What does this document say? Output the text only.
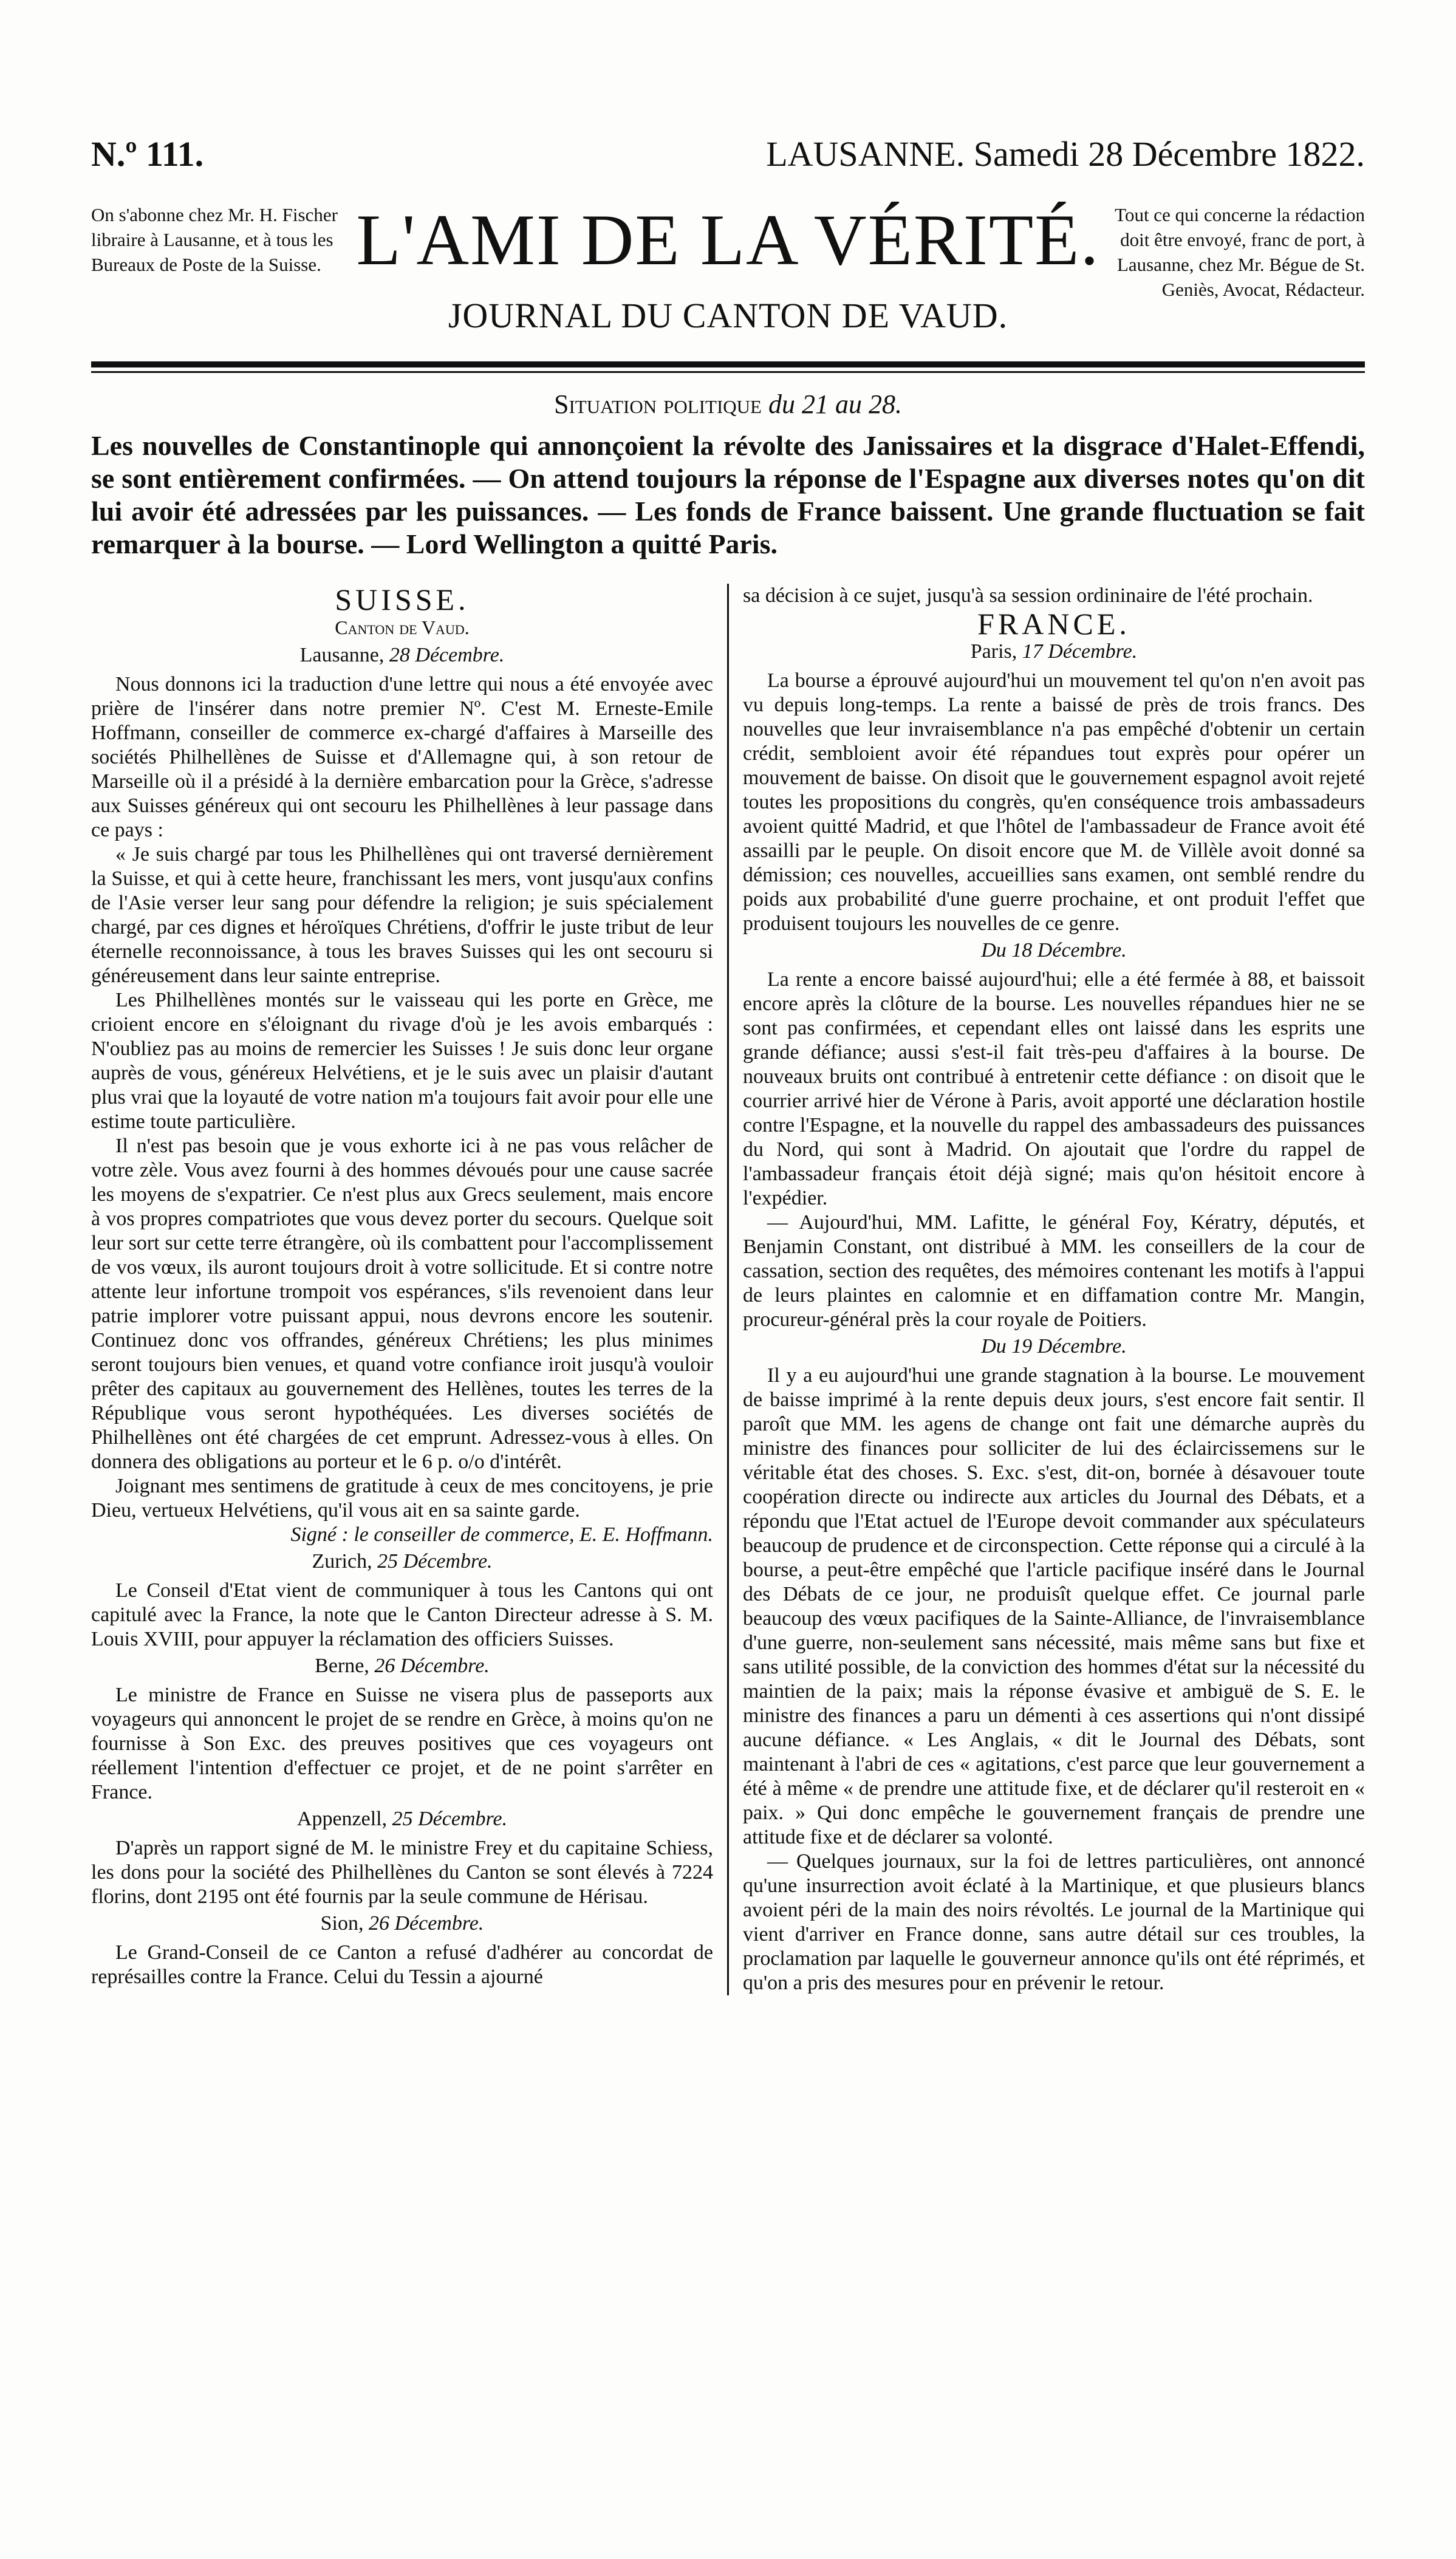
N.º 111.	LAUSANNE. Samedi 28 Décembre 1822.
On s'abonne chez Mr. H. Fischer libraire à Lausanne, et à tous les Bureaux de Poste de la Suisse. L'AMI DE LA VÉRITÉ.
JOURNAL DU CANTON DE VAUD.
Tout ce qui concerne la rédaction doit être envoyé, franc de port, à Lausanne, chez Mr. Bégue de St. Geniès, Avocat, Rédacteur.
Situation politique du 21 au 28.
Les nouvelles de Constantinople qui annonçoient la révolte des Janissaires et la disgrace d'Halet-Effendi, se sont entièrement confirmées. — On attend toujours la réponse de l'Espagne aux diverses notes qu'on dit lui avoir été adressées par les puissances. — Les fonds de France baissent. Une grande fluctuation se fait remarquer à la bourse. — Lord Wellington a quitté Paris.
SUISSE.
Canton de Vaud.
Lausanne, 28 Décembre.

Nous donnons ici la traduction d'une lettre qui nous a été envoyée avec prière de l'insérer dans notre premier Nº. C'est M. Erneste-Emile Hoffmann, conseiller de commerce ex-chargé d'affaires à Marseille des sociétés Philhellènes de Suisse et d'Allemagne qui, à son retour de Marseille où il a présidé à la dernière embarcation pour la Grèce, s'adresse aux Suisses généreux qui ont secouru les Philhellènes à leur passage dans ce pays :

« Je suis chargé par tous les Philhellènes qui ont traversé dernièrement la Suisse, et qui à cette heure, franchissant les mers, vont jusqu'aux confins de l'Asie verser leur sang pour défendre la religion; je suis spécialement chargé, par ces dignes et héroïques Chrétiens, d'offrir le juste tribut de leur éternelle reconnoissance, à tous les braves Suisses qui les ont secouru si généreusement dans leur sainte entreprise.

Les Philhellènes montés sur le vaisseau qui les porte en Grèce, me crioient encore en s'éloignant du rivage d'où je les avois embarqués : N'oubliez pas au moins de remercier les Suisses ! Je suis donc leur organe auprès de vous, généreux Helvétiens, et je le suis avec un plaisir d'autant plus vrai que la loyauté de votre nation m'a toujours fait avoir pour elle une estime toute particulière.

Il n'est pas besoin que je vous exhorte ici à ne pas vous relâcher de votre zèle. Vous avez fourni à des hommes dévoués pour une cause sacrée les moyens de s'expatrier. Ce n'est plus aux Grecs seulement, mais encore à vos propres compatriotes que vous devez porter du secours. Quelque soit leur sort sur cette terre étrangère, où ils combattent pour l'accomplissement de vos vœux, ils auront toujours droit à votre sollicitude. Et si contre notre attente leur infortune trompoit vos espérances, s'ils revenoient dans leur patrie implorer votre puissant appui, nous devrons encore les soutenir. Continuez donc vos offrandes, généreux Chrétiens; les plus minimes seront toujours bien venues, et quand votre confiance iroit jusqu'à vouloir prêter des capitaux au gouvernement des Hellènes, toutes les terres de la République vous seront hypothéquées. Les diverses sociétés de Philhellènes ont été chargées de cet emprunt. Adressez-vous à elles. On donnera des obligations au porteur et le 6 p. o/o d'intérêt.

Joignant mes sentimens de gratitude à ceux de mes concitoyens, je prie Dieu, vertueux Helvétiens, qu'il vous ait en sa sainte garde.

Signé : le conseiller de commerce, E. E. Hoffmann.

Zurich, 25 Décembre.

Le Conseil d'Etat vient de communiquer à tous les Cantons qui ont capitulé avec la France, la note que le Canton Directeur adresse à S. M. Louis XVIII, pour appuyer la réclamation des officiers Suisses.

Berne, 26 Décembre.

Le ministre de France en Suisse ne visera plus de passeports aux voyageurs qui annoncent le projet de se rendre en Grèce, à moins qu'on ne fournisse à Son Exc. des preuves positives que ces voyageurs ont réellement l'intention d'effectuer ce projet, et de ne point s'arrêter en France.

Appenzell, 25 Décembre.

D'après un rapport signé de M. le ministre Frey et du capitaine Schiess, les dons pour la société des Philhellènes du Canton se sont élevés à 7224 florins, dont 2195 ont été fournis par la seule commune de Hérisau.

Sion, 26 Décembre.

Le Grand-Conseil de ce Canton a refusé d'adhérer au concordat de représailles contre la France. Celui du Tessin a ajourné

sa décision à ce sujet, jusqu'à sa session ordininaire de l'été prochain.

FRANCE.
Paris, 17 Décembre.

La bourse a éprouvé aujourd'hui un mouvement tel qu'on n'en avoit pas vu depuis long-temps. La rente a baissé de près de trois francs. Des nouvelles que leur invraisemblance n'a pas empêché d'obtenir un certain crédit, sembloient avoir été répandues tout exprès pour opérer un mouvement de baisse. On disoit que le gouvernement espagnol avoit rejeté toutes les propositions du congrès, qu'en conséquence trois ambassadeurs avoient quitté Madrid, et que l'hôtel de l'ambassadeur de France avoit été assailli par le peuple. On disoit encore que M. de Villèle avoit donné sa démission; ces nouvelles, accueillies sans examen, ont semblé rendre du poids aux probabilité d'une guerre prochaine, et ont produit l'effet que produisent toujours les nouvelles de ce genre.

Du 18 Décembre.

La rente a encore baissé aujourd'hui; elle a été fermée à 88, et baissoit encore après la clôture de la bourse. Les nouvelles répandues hier ne se sont pas confirmées, et cependant elles ont laissé dans les esprits une grande défiance; aussi s'est-il fait très-peu d'affaires à la bourse. De nouveaux bruits ont contribué à entretenir cette défiance : on disoit que le courrier arrivé hier de Vérone à Paris, avoit apporté une déclaration hostile contre l'Espagne, et la nouvelle du rappel des ambassadeurs des puissances du Nord, qui sont à Madrid. On ajoutait que l'ordre du rappel de l'ambassadeur français étoit déjà signé; mais qu'on hésitoit encore à l'expédier.

— Aujourd'hui, MM. Lafitte, le général Foy, Kératry, députés, et Benjamin Constant, ont distribué à MM. les conseillers de la cour de cassation, section des requêtes, des mémoires contenant les motifs à l'appui de leurs plaintes en calomnie et en diffamation contre Mr. Mangin, procureur-général près la cour royale de Poitiers.

Du 19 Décembre.

Il y a eu aujourd'hui une grande stagnation à la bourse. Le mouvement de baisse imprimé à la rente depuis deux jours, s'est encore fait sentir. Il paroît que MM. les agens de change ont fait une démarche auprès du ministre des finances pour solliciter de lui des éclaircissemens sur le véritable état des choses. S. Exc. s'est, dit-on, bornée à désavouer toute coopération directe ou indirecte aux articles du Journal des Débats, et a répondu que l'Etat actuel de l'Europe devoit commander aux spéculateurs beaucoup de prudence et de circonspection. Cette réponse qui a circulé à la bourse, a peut-être empêché que l'article pacifique inséré dans le Journal des Débats de ce jour, ne produisît quelque effet. Ce journal parle beaucoup des vœux pacifiques de la Sainte-Alliance, de l'invraisemblance d'une guerre, non-seulement sans nécessité, mais même sans but fixe et sans utilité possible, de la conviction des hommes d'état sur la nécessité du maintien de la paix; mais la réponse évasive et ambiguë de S. E. le ministre des finances a paru un démenti à ces assertions qui n'ont dissipé aucune défiance. « Les Anglais, « dit le Journal des Débats, sont maintenant à l'abri de ces « agitations, c'est parce que leur gouvernement a été à même « de prendre une attitude fixe, et de déclarer qu'il resteroit en « paix. » Qui donc empêche le gouvernement français de prendre une attitude fixe et de déclarer sa volonté.

— Quelques journaux, sur la foi de lettres particulières, ont annoncé qu'une insurrection avoit éclaté à la Martinique, et que plusieurs blancs avoient péri de la main des noirs révoltés. Le journal de la Martinique qui vient d'arriver en France donne, sans autre détail sur ces troubles, la proclamation par laquelle le gouverneur annonce qu'ils ont été réprimés, et qu'on a pris des mesures pour en prévenir le retour.
